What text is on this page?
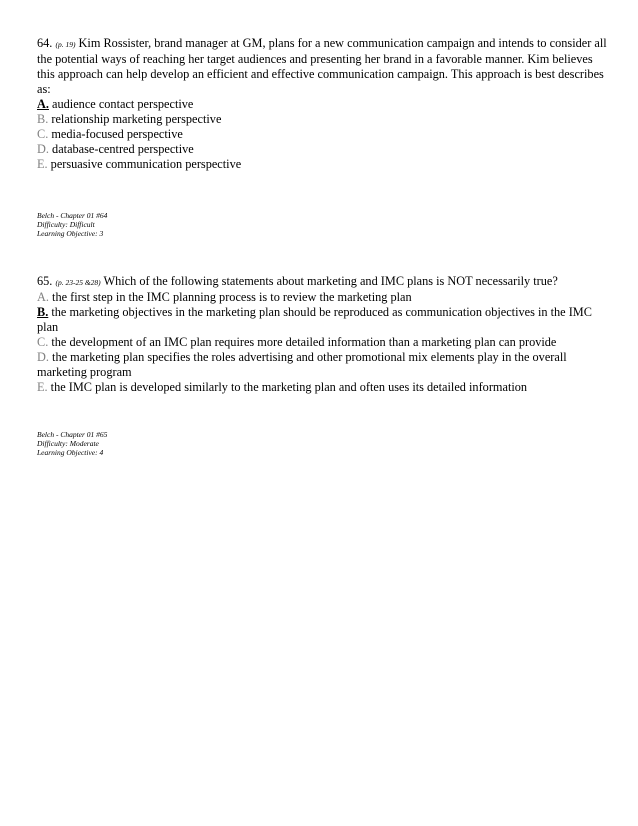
64. (p. 19) Kim Rossister, brand manager at GM, plans for a new communication campaign and intends to consider all the potential ways of reaching her target audiences and presenting her brand in a favorable manner. Kim believes this approach can help develop an efficient and effective communication campaign. This approach is best describes as:

A. audience contact perspective

B. relationship marketing perspective

C. media-focused perspective

D. database-centred perspective

E. persuasive communication perspective

Belch - Chapter 01 #64

Difficulty: Difficult

Learning Objective: 3

65. (p. 23-25 &28) Which of the following statements about marketing and IMC plans is NOT necessarily true?

A. the first step in the IMC planning process is to review the marketing plan

B. the marketing objectives in the marketing plan should be reproduced as communication objectives in the IMC plan

C. the development of an IMC plan requires more detailed information than a marketing plan can provide

D. the marketing plan specifies the roles advertising and other promotional mix elements play in the overall marketing program

E. the IMC plan is developed similarly to the marketing plan and often uses its detailed information

Belch - Chapter 01 #65

Difficulty: Moderate

Learning Objective: 4
